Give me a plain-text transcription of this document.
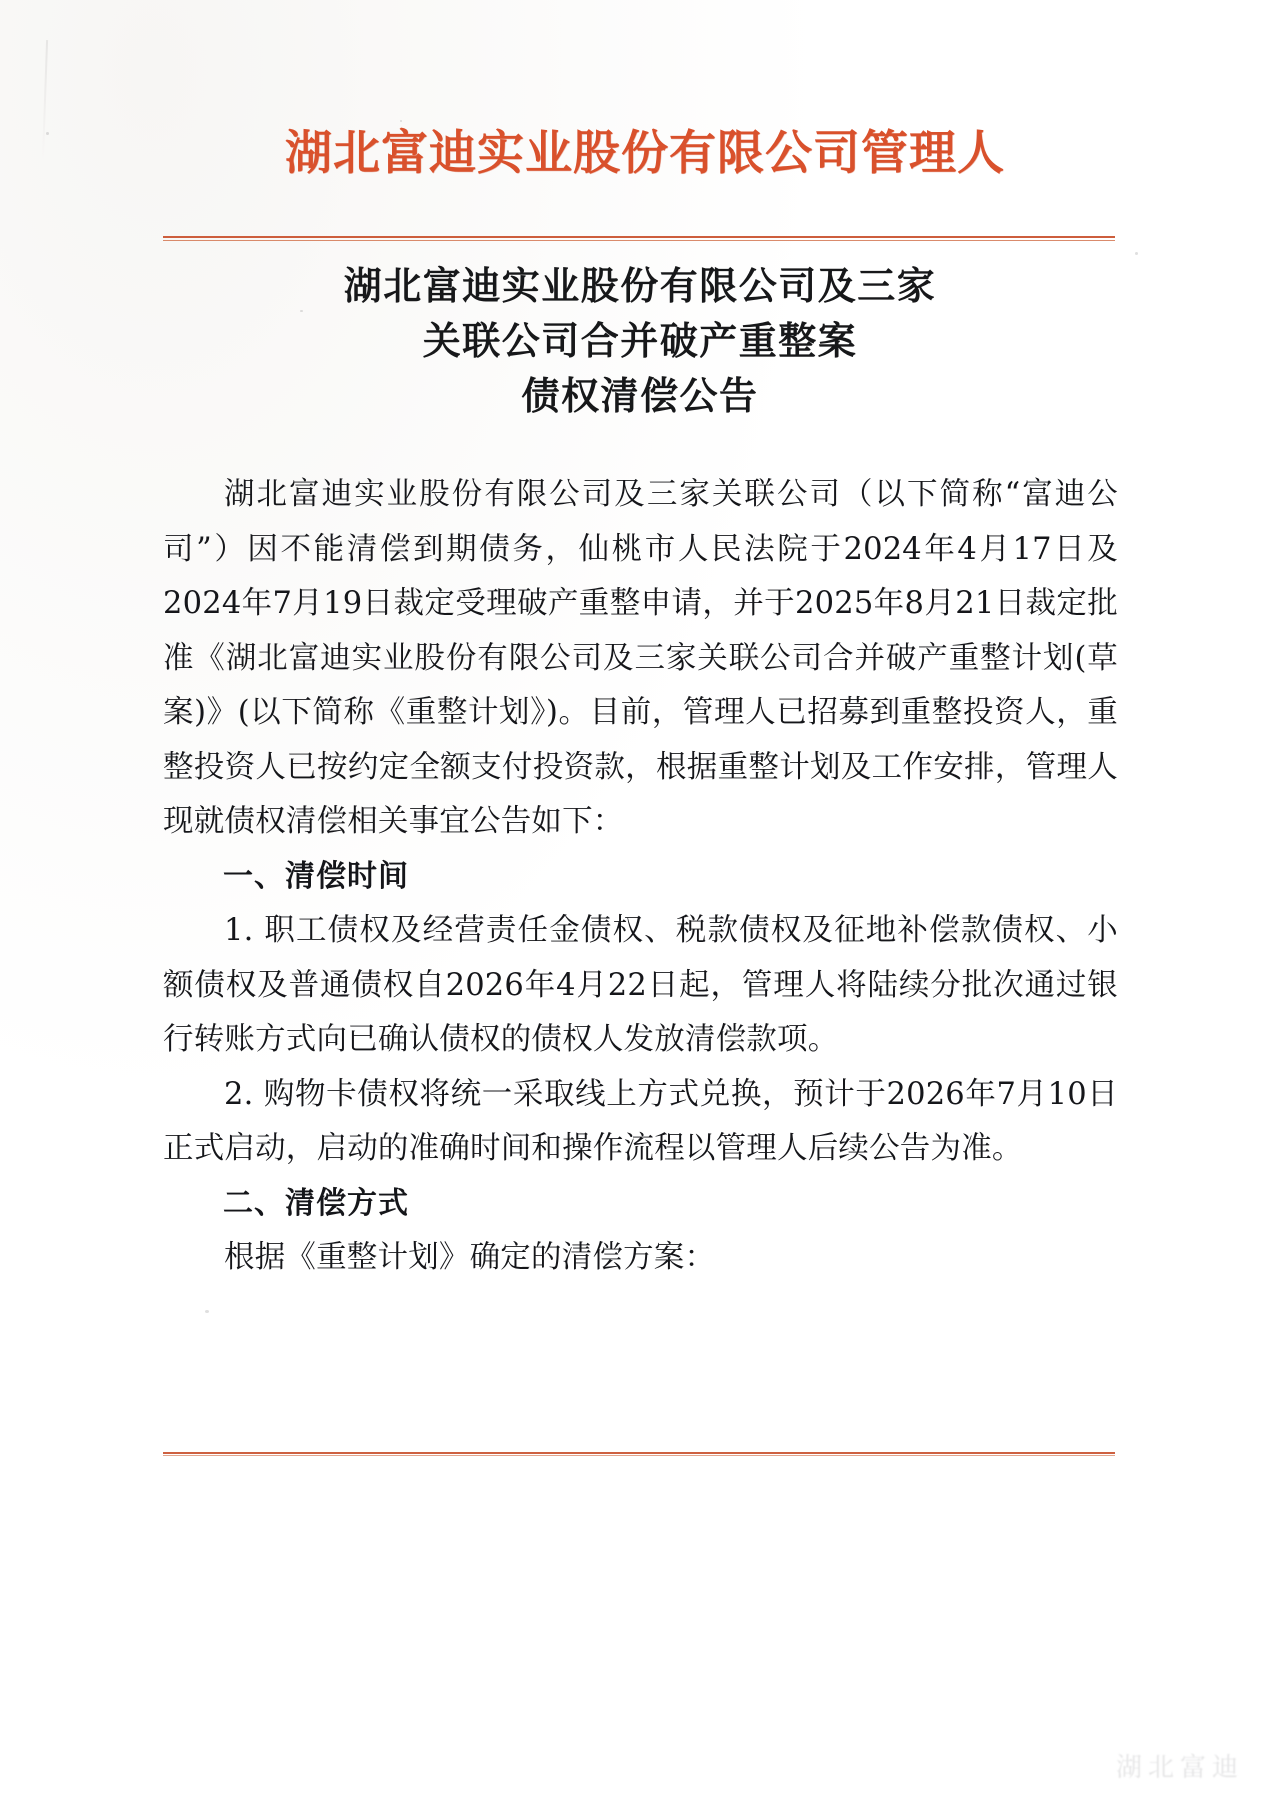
湖北富迪实业股份有限公司管理人
湖北富迪实业股份有限公司及三家
关联公司合并破产重整案
债权清偿公告

湖北富迪实业股份有限公司及三家关联公司（以下简称“富迪公司”）因不能清偿到期债务，仙桃市人民法院于2024年4月17日及2024年7月19日裁定受理破产重整申请，并于2025年8月21日裁定批准《湖北富迪实业股份有限公司及三家关联公司合并破产重整计划(草案)》(以下简称《重整计划》)。目前，管理人已招募到重整投资人，重整投资人已按约定全额支付投资款，根据重整计划及工作安排，管理人现就债权清偿相关事宜公告如下：

一、清偿时间

1. 职工债权及经营责任金债权、税款债权及征地补偿款债权、小额债权及普通债权自2026年4月22日起，管理人将陆续分批次通过银行转账方式向已确认债权的债权人发放清偿款项。

2. 购物卡债权将统一采取线上方式兑换，预计于2026年7月10日正式启动，启动的准确时间和操作流程以管理人后续公告为准。

二、清偿方式

根据《重整计划》确定的清偿方案：

湖北富迪
